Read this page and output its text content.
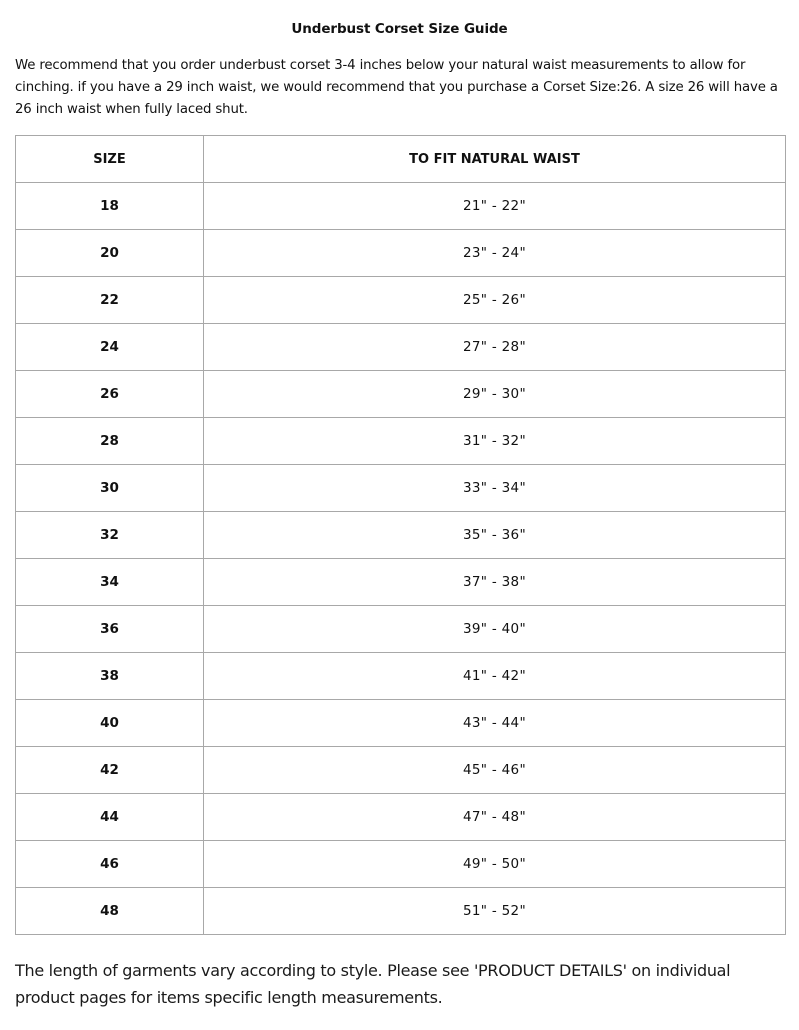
Underbust Corset Size Guide
We recommend that you order underbust corset 3-4 inches below your natural waist measurements to allow for cinching. if you have a 29 inch waist, we would recommend that you purchase a Corset Size:26. A size 26 will have a 26 inch waist when fully laced shut.
SIZE	TO FIT NATURAL WAIST
18	21" - 22"
20	23" - 24"
22	25" - 26"
24	27" - 28"
26	29" - 30"
28	31" - 32"
30	33" - 34"
32	35" - 36"
34	37" - 38"
36	39" - 40"
38	41" - 42"
40	43" - 44"
42	45" - 46"
44	47" - 48"
46	49" - 50"
48	51" - 52"
The length of garments vary according to style. Please see 'PRODUCT DETAILS' on individual product pages for items specific length measurements.
